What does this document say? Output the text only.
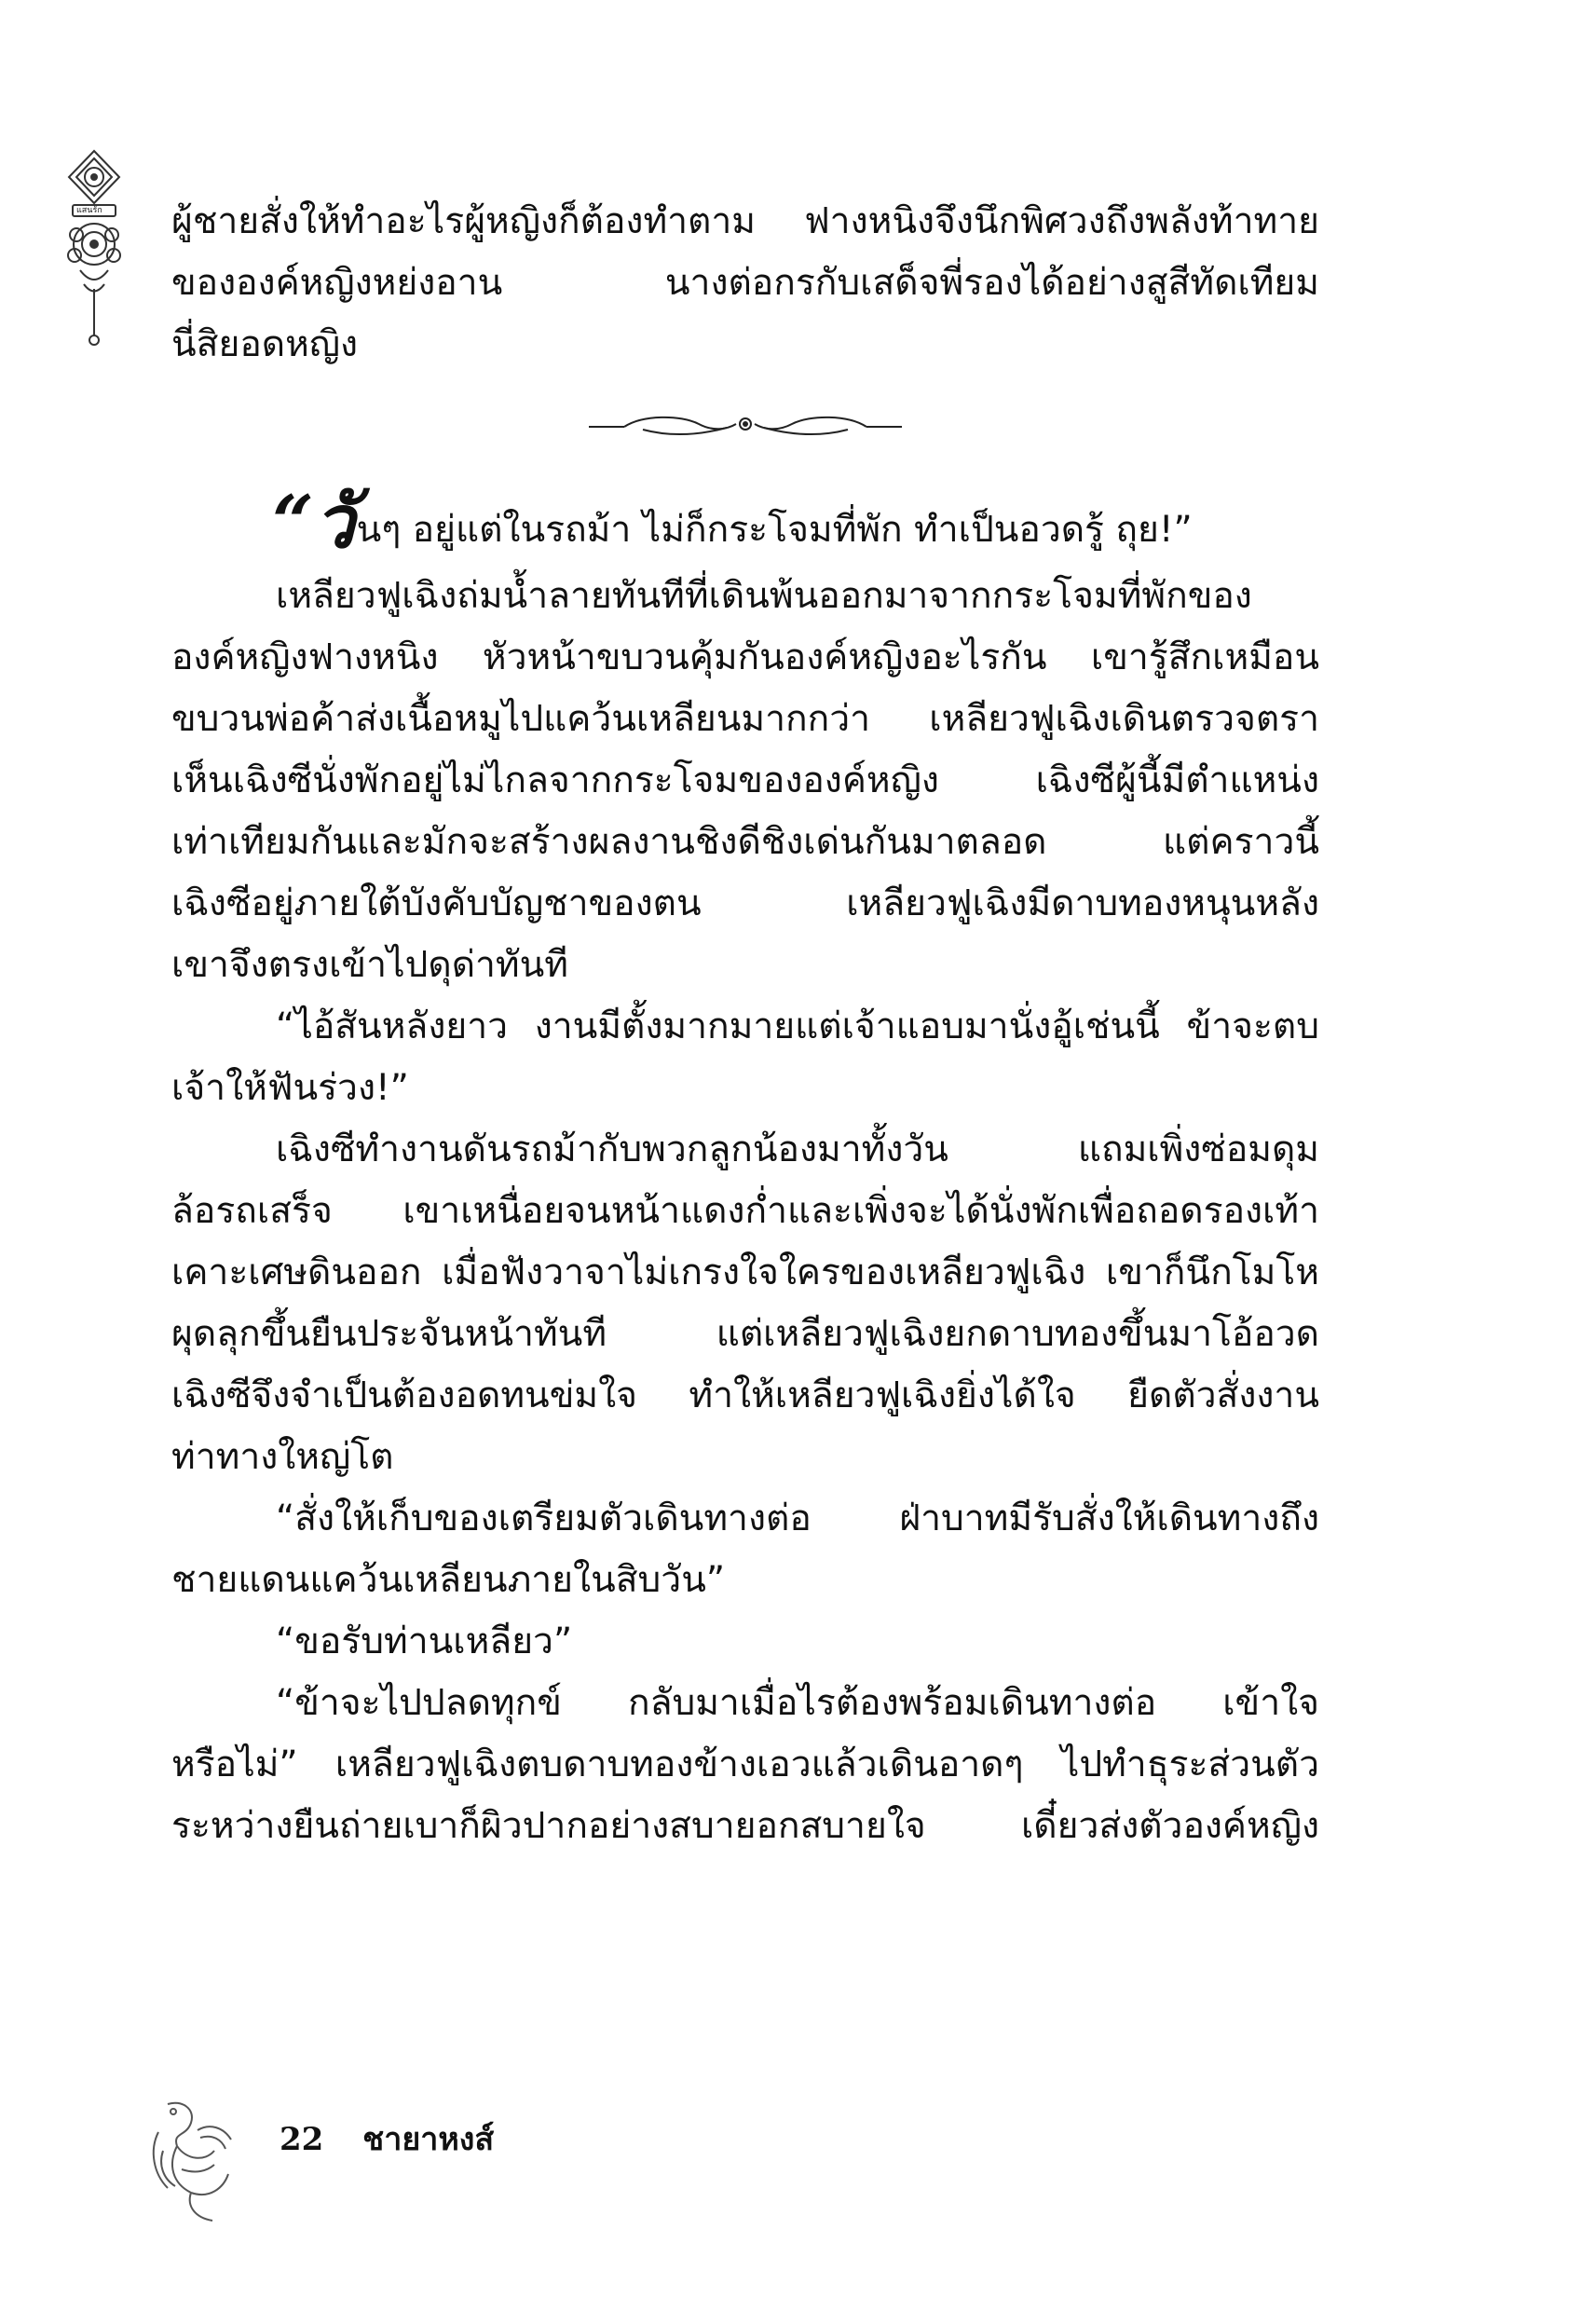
แสนรัก ผู้ชายสั่งให้ทำอะไรผู้หญิงก็ต้องทำตาม ฟางหนิงจึงนึกพิศวงถึงพลังท้าทาย
ขององค์หญิงหย่งอาน นางต่อกรกับเสด็จพี่รองได้อย่างสูสีทัดเทียม
นี่สิยอดหญิง
“วันๆ อยู่แต่ในรถม้า ไม่ก็กระโจมที่พัก ทำเป็นอวดรู้ ถุย!”
เหลียวฟูเฉิงถ่มน้ำลายทันทีที่เดินพ้นออกมาจากกระโจมที่พักของ
องค์หญิงฟางหนิง หัวหน้าขบวนคุ้มกันองค์หญิงอะไรกัน เขารู้สึกเหมือน
ขบวนพ่อค้าส่งเนื้อหมูไปแคว้นเหลียนมากกว่า เหลียวฟูเฉิงเดินตรวจตรา
เห็นเฉิงซีนั่งพักอยู่ไม่ไกลจากกระโจมขององค์หญิง เฉิงซีผู้นี้มีตำแหน่ง
เท่าเทียมกันและมักจะสร้างผลงานชิงดีชิงเด่นกันมาตลอด แต่คราวนี้
เฉิงซีอยู่ภายใต้บังคับบัญชาของตน เหลียวฟูเฉิงมีดาบทองหนุนหลัง
เขาจึงตรงเข้าไปดุด่าทันที
“ไอ้สันหลังยาว งานมีตั้งมากมายแต่เจ้าแอบมานั่งอู้เช่นนี้ ข้าจะตบ
เจ้าให้ฟันร่วง!”
เฉิงซีทำงานดันรถม้ากับพวกลูกน้องมาทั้งวัน แถมเพิ่งซ่อมดุม
ล้อรถเสร็จ เขาเหนื่อยจนหน้าแดงก่ำและเพิ่งจะได้นั่งพักเพื่อถอดรองเท้า
เคาะเศษดินออก เมื่อฟังวาจาไม่เกรงใจใครของเหลียวฟูเฉิง เขาก็นึกโมโห
ผุดลุกขึ้นยืนประจันหน้าทันที แต่เหลียวฟูเฉิงยกดาบทองขึ้นมาโอ้อวด
เฉิงซีจึงจำเป็นต้องอดทนข่มใจ ทำให้เหลียวฟูเฉิงยิ่งได้ใจ ยืดตัวสั่งงาน
ท่าทางใหญ่โต
“สั่งให้เก็บของเตรียมตัวเดินทางต่อ ฝ่าบาทมีรับสั่งให้เดินทางถึง
ชายแดนแคว้นเหลียนภายในสิบวัน”
“ขอรับท่านเหลียว”
“ข้าจะไปปลดทุกข์ กลับมาเมื่อไรต้องพร้อมเดินทางต่อ เข้าใจ
หรือไม่” เหลียวฟูเฉิงตบดาบทองข้างเอวแล้วเดินอาดๆ ไปทำธุระส่วนตัว
ระหว่างยืนถ่ายเบาก็ผิวปากอย่างสบายอกสบายใจ เดี๋ยวส่งตัวองค์หญิง
22 ชายาหงส์
